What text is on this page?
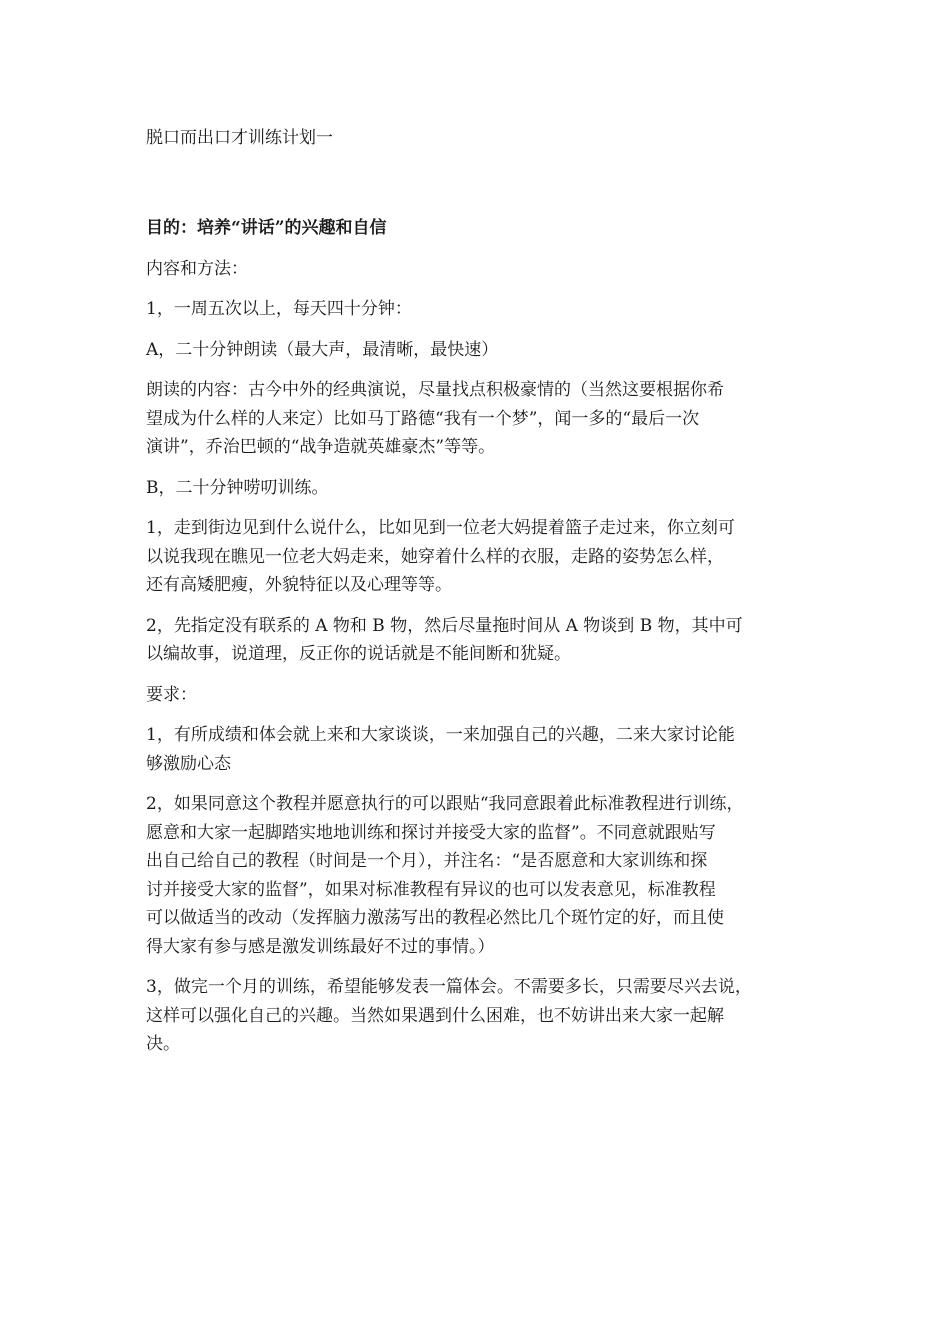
脱口而出口才训练计划一

目的：培养“讲话”的兴趣和自信

内容和方法：

1，一周五次以上，每天四十分钟：

A，二十分钟朗读（最大声，最清晰，最快速）

朗读的内容：古今中外的经典演说，尽量找点积极豪情的（当然这要根据你希
望成为什么样的人来定）比如马丁路德“我有一个梦”，闻一多的“最后一次
演讲”，乔治巴顿的“战争造就英雄豪杰”等等。

B，二十分钟唠叨训练。

1，走到街边见到什么说什么，比如见到一位老大妈提着篮子走过来，你立刻可
以说我现在瞧见一位老大妈走来，她穿着什么样的衣服，走路的姿势怎么样，
还有高矮肥瘦，外貌特征以及心理等等。

2，先指定没有联系的 A 物和 B 物，然后尽量拖时间从 A 物谈到 B 物，其中可
以编故事，说道理，反正你的说话就是不能间断和犹疑。

要求：

1，有所成绩和体会就上来和大家谈谈，一来加强自己的兴趣，二来大家讨论能
够激励心态

2，如果同意这个教程并愿意执行的可以跟贴“我同意跟着此标准教程进行训练，
愿意和大家一起脚踏实地地训练和探讨并接受大家的监督”。不同意就跟贴写
出自己给自己的教程（时间是一个月），并注名：“是否愿意和大家训练和探
讨并接受大家的监督”，如果对标准教程有异议的也可以发表意见，标准教程
可以做适当的改动（发挥脑力激荡写出的教程必然比几个斑竹定的好，而且使
得大家有参与感是激发训练最好不过的事情。）

3，做完一个月的训练，希望能够发表一篇体会。不需要多长，只需要尽兴去说，
这样可以强化自己的兴趣。当然如果遇到什么困难，也不妨讲出来大家一起解
决。
